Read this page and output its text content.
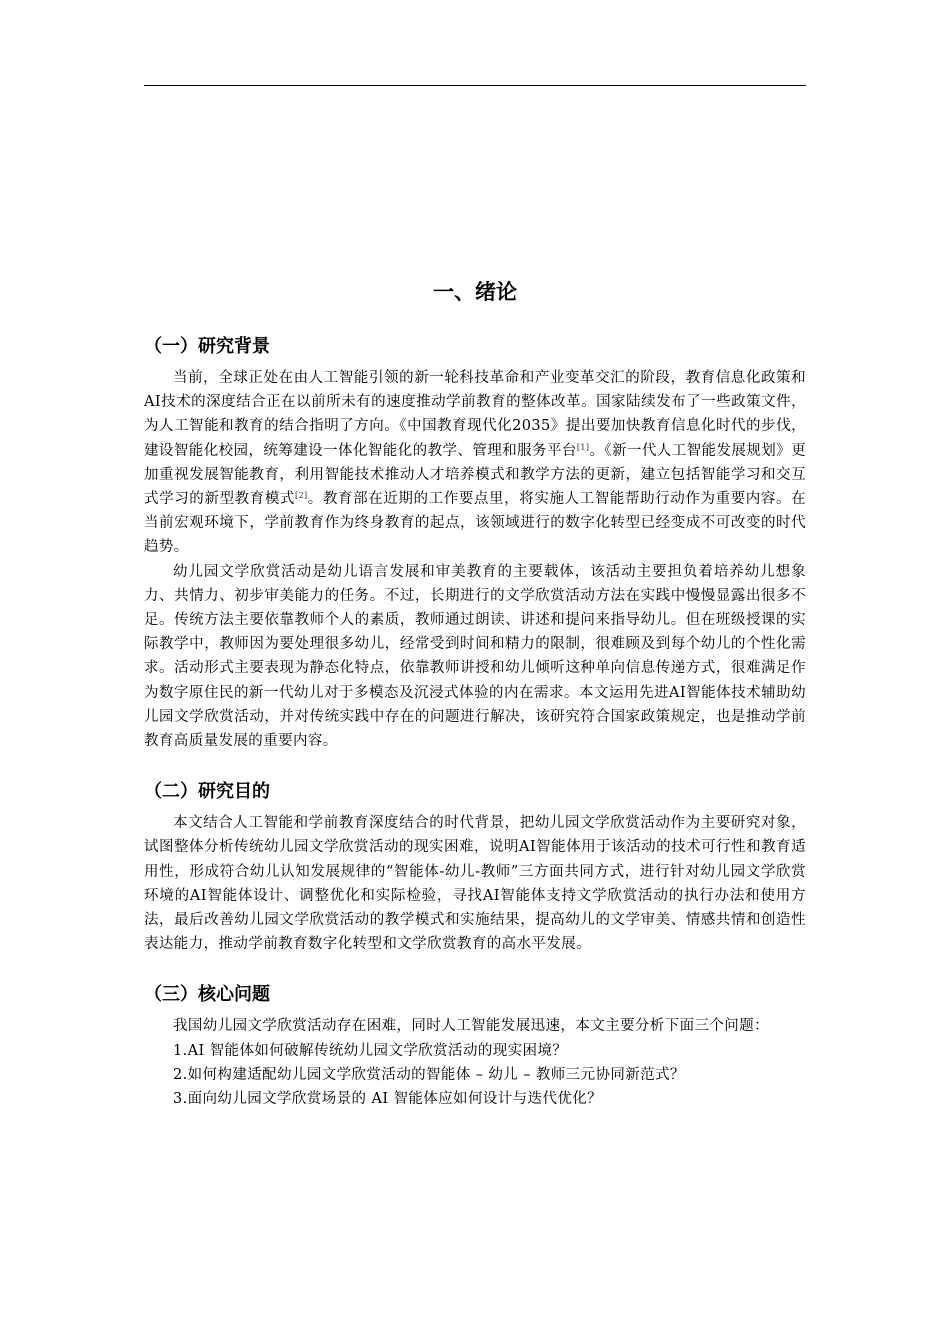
一、绪论
（一）研究背景

当前，全球正处在由人工智能引领的新一轮科技革命和产业变革交汇的阶段，教育信息化政策和AI技术的深度结合正在以前所未有的速度推动学前教育的整体改革。国家陆续发布了一些政策文件，为人工智能和教育的结合指明了方向。《中国教育现代化2035》提出要加快教育信息化时代的步伐，建设智能化校园，统筹建设一体化智能化的教学、管理和服务平台[1]。《新一代人工智能发展规划》更加重视发展智能教育，利用智能技术推动人才培养模式和教学方法的更新，建立包括智能学习和交互式学习的新型教育模式[2]。教育部在近期的工作要点里，将实施人工智能帮助行动作为重要内容。在当前宏观环境下，学前教育作为终身教育的起点，该领域进行的数字化转型已经变成不可改变的时代趋势。

幼儿园文学欣赏活动是幼儿语言发展和审美教育的主要载体，该活动主要担负着培养幼儿想象力、共情力、初步审美能力的任务。不过，长期进行的文学欣赏活动方法在实践中慢慢显露出很多不足。传统方法主要依靠教师个人的素质，教师通过朗读、讲述和提问来指导幼儿。但在班级授课的实际教学中，教师因为要处理很多幼儿，经常受到时间和精力的限制，很难顾及到每个幼儿的个性化需求。活动形式主要表现为静态化特点，依靠教师讲授和幼儿倾听这种单向信息传递方式，很难满足作为数字原住民的新一代幼儿对于多模态及沉浸式体验的内在需求。本文运用先进AI智能体技术辅助幼儿园文学欣赏活动，并对传统实践中存在的问题进行解决，该研究符合国家政策规定，也是推动学前教育高质量发展的重要内容。

（二）研究目的

本文结合人工智能和学前教育深度结合的时代背景，把幼儿园文学欣赏活动作为主要研究对象，试图整体分析传统幼儿园文学欣赏活动的现实困难，说明AI智能体用于该活动的技术可行性和教育适用性，形成符合幼儿认知发展规律的“智能体-幼儿-教师”三方面共同方式，进行针对幼儿园文学欣赏环境的AI智能体设计、调整优化和实际检验，寻找AI智能体支持文学欣赏活动的执行办法和使用方法，最后改善幼儿园文学欣赏活动的教学模式和实施结果，提高幼儿的文学审美、情感共情和创造性表达能力，推动学前教育数字化转型和文学欣赏教育的高水平发展。

（三）核心问题

我国幼儿园文学欣赏活动存在困难，同时人工智能发展迅速，本文主要分析下面三个问题：

1.AI 智能体如何破解传统幼儿园文学欣赏活动的现实困境？

2.如何构建适配幼儿园文学欣赏活动的智能体 – 幼儿 – 教师三元协同新范式？

3.面向幼儿园文学欣赏场景的 AI 智能体应如何设计与迭代优化？
